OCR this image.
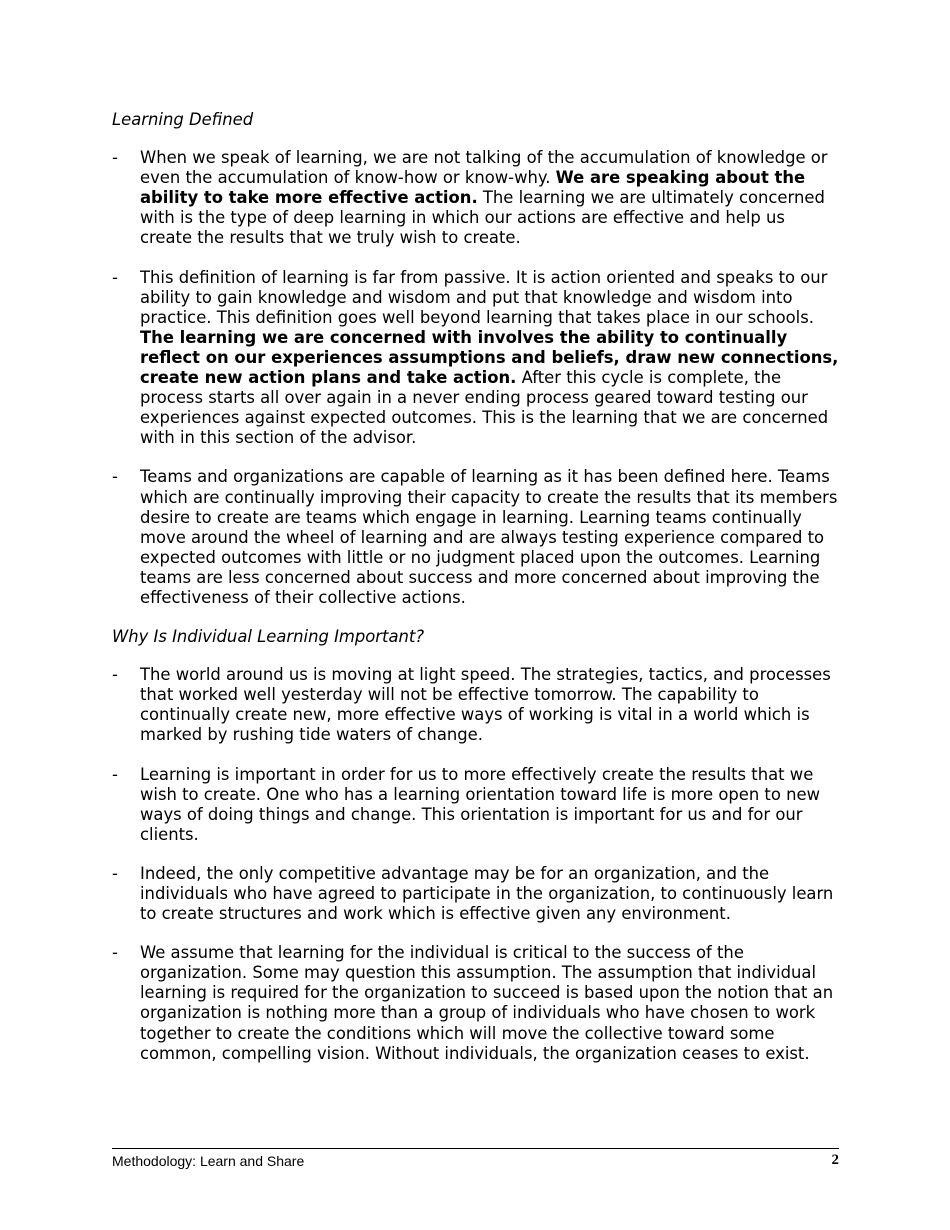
Learning Defined
- When we speak of learning, we are not talking of the accumulation of knowledge or even the accumulation of know-how or know-why. We are speaking about the ability to take more effective action. The learning we are ultimately concerned with is the type of deep learning in which our actions are effective and help us create the results that we truly wish to create.

- This definition of learning is far from passive. It is action oriented and speaks to our ability to gain knowledge and wisdom and put that knowledge and wisdom into practice. This definition goes well beyond learning that takes place in our schools. The learning we are concerned with involves the ability to continually reflect on our experiences assumptions and beliefs, draw new connections, create new action plans and take action. After this cycle is complete, the process starts all over again in a never ending process geared toward testing our experiences against expected outcomes. This is the learning that we are concerned with in this section of the advisor.

- Teams and organizations are capable of learning as it has been defined here. Teams which are continually improving their capacity to create the results that its members desire to create are teams which engage in learning. Learning teams continually move around the wheel of learning and are always testing experience compared to expected outcomes with little or no judgment placed upon the outcomes. Learning teams are less concerned about success and more concerned about improving the effectiveness of their collective actions.

Why Is Individual Learning Important?
- The world around us is moving at light speed. The strategies, tactics, and processes that worked well yesterday will not be effective tomorrow. The capability to continually create new, more effective ways of working is vital in a world which is marked by rushing tide waters of change.

- Learning is important in order for us to more effectively create the results that we wish to create. One who has a learning orientation toward life is more open to new ways of doing things and change. This orientation is important for us and for our clients.

- Indeed, the only competitive advantage may be for an organization, and the individuals who have agreed to participate in the organization, to continuously learn to create structures and work which is effective given any environment.

- We assume that learning for the individual is critical to the success of the organization. Some may question this assumption. The assumption that individual learning is required for the organization to succeed is based upon the notion that an organization is nothing more than a group of individuals who have chosen to work together to create the conditions which will move the collective toward some common, compelling vision. Without individuals, the organization ceases to exist.

Methodology: Learn and Share	2
